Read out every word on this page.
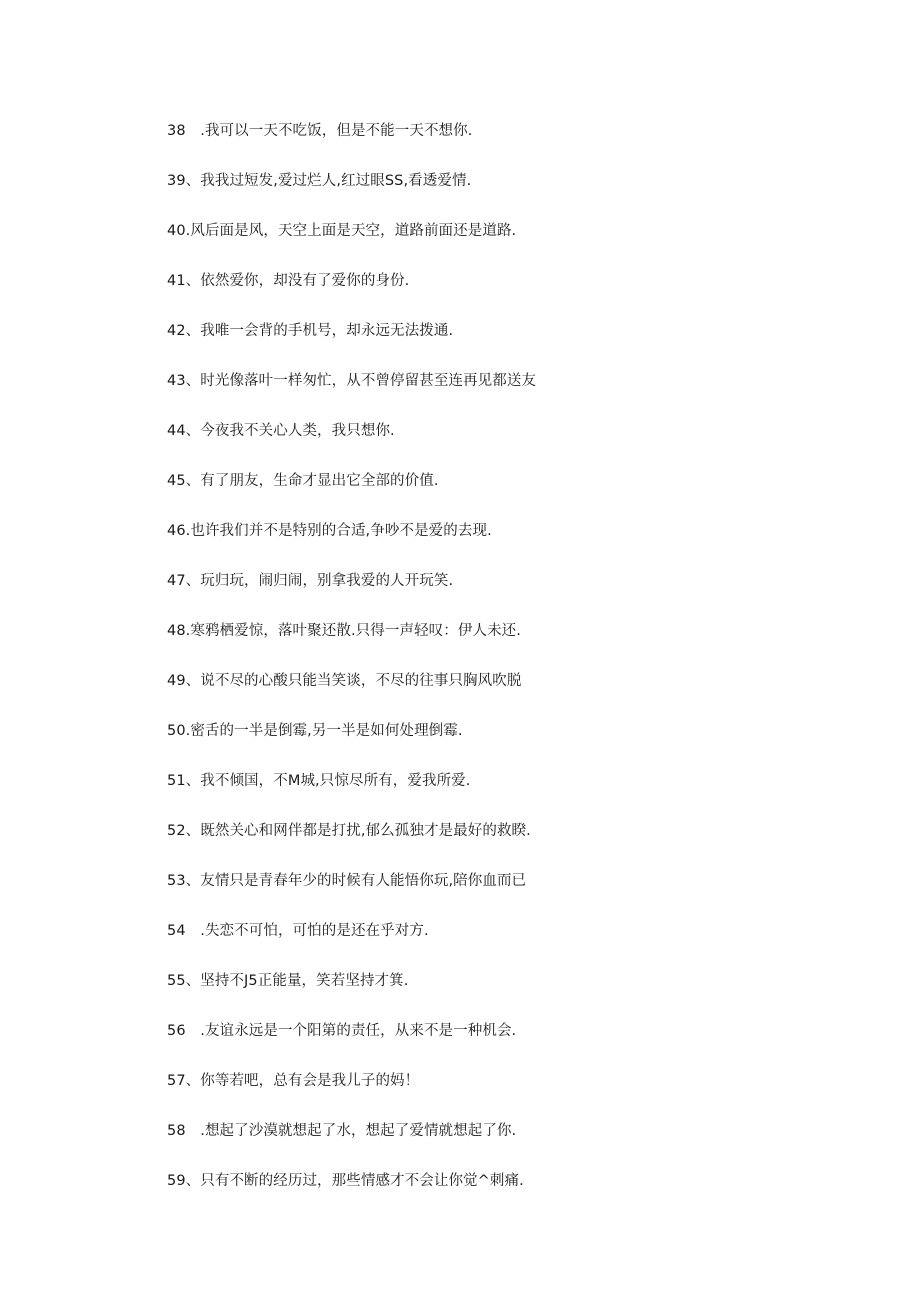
38　.我可以一天不吃饭，但是不能一天不想你.
39、我我过短发,爱过烂人,红过眼SS,看透爱情.
40.风后面是风，天空上面是天空，道路前面还是道路.
41、依然爱你，却没有了爱你的身份.
42、我唯一会背的手机号，却永远无法拨通.
43、时光像落叶一样匆忙，从不曾停留甚至连再见都送友
44、今夜我不关心人类，我只想你.
45、有了朋友，生命才显出它全部的价值.
46.也许我们并不是特别的合适,争吵不是爱的去现.
47、玩归玩，闹归闹，别拿我爱的人开玩笑.
48.寒鸦栖爱惊，落叶聚还散.只得一声轻叹：伊人未还.
49、说不尽的心酸只能当笑谈，不尽的往事只胸风吹脱
50.密舌的一半是倒霉,另一半是如何处理倒霉.
51、我不倾国，不M城,只惊尽所有，爱我所爱.
52、既然关心和网伴都是打扰,郁么孤独才是最好的救睽.
53、友情只是青春年少的时候有人能悟你玩,陪你血而已
54　.失恋不可怕，可怕的是还在乎对方.
55、坚持不J5正能量，笑若坚持才箕.
56　.友谊永远是一个阳第的责任，从来不是一种机会.
57、你等若吧，总有会是我儿子的妈！
58　.想起了沙漠就想起了水，想起了爱情就想起了你.
59、只有不断的经历过，那些情感才不会让你觉^刺痛.
